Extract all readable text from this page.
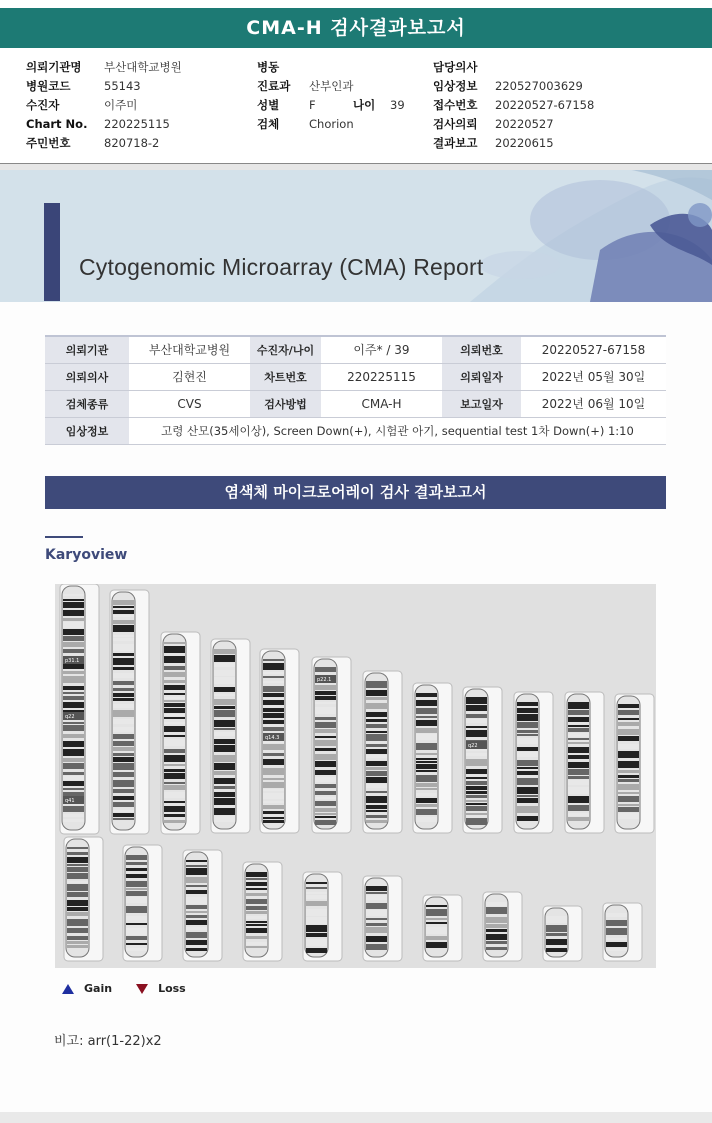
CMA-H 검사결과보고서
의뢰기관명	부산대학교병원
병원코드	55143
수진자	이주미
Chart No.	220225115
주민번호	820718-2
병동
진료과	산부인과
성별	F	나이	39
검체	Chorion
담당의사
임상정보	220527003629
접수번호	20220527-67158
검사의뢰	20220527
결과보고	20220615
Cytogenomic Microarray (CMA) Report
의뢰기관	부산대학교병원	수진자/나이	이주* / 39	의뢰번호	20220527-67158
의뢰의사	김현진	차트번호	220225115	의뢰일자	2022년 05월 30일
검체종류	CVS	검사방법	CMA-H	보고일자	2022년 06월 10일
임상정보	고령 산모(35세이상), Screen Down(+), 시험관 아기, sequential test 1차 Down(+) 1:10				
염색체 마이크로어레이 검사 결과보고서
Karyoview
p31.1
q22
q41
q14.3
p22.1
q22
Gain	Loss
비고: arr(1-22)x2
